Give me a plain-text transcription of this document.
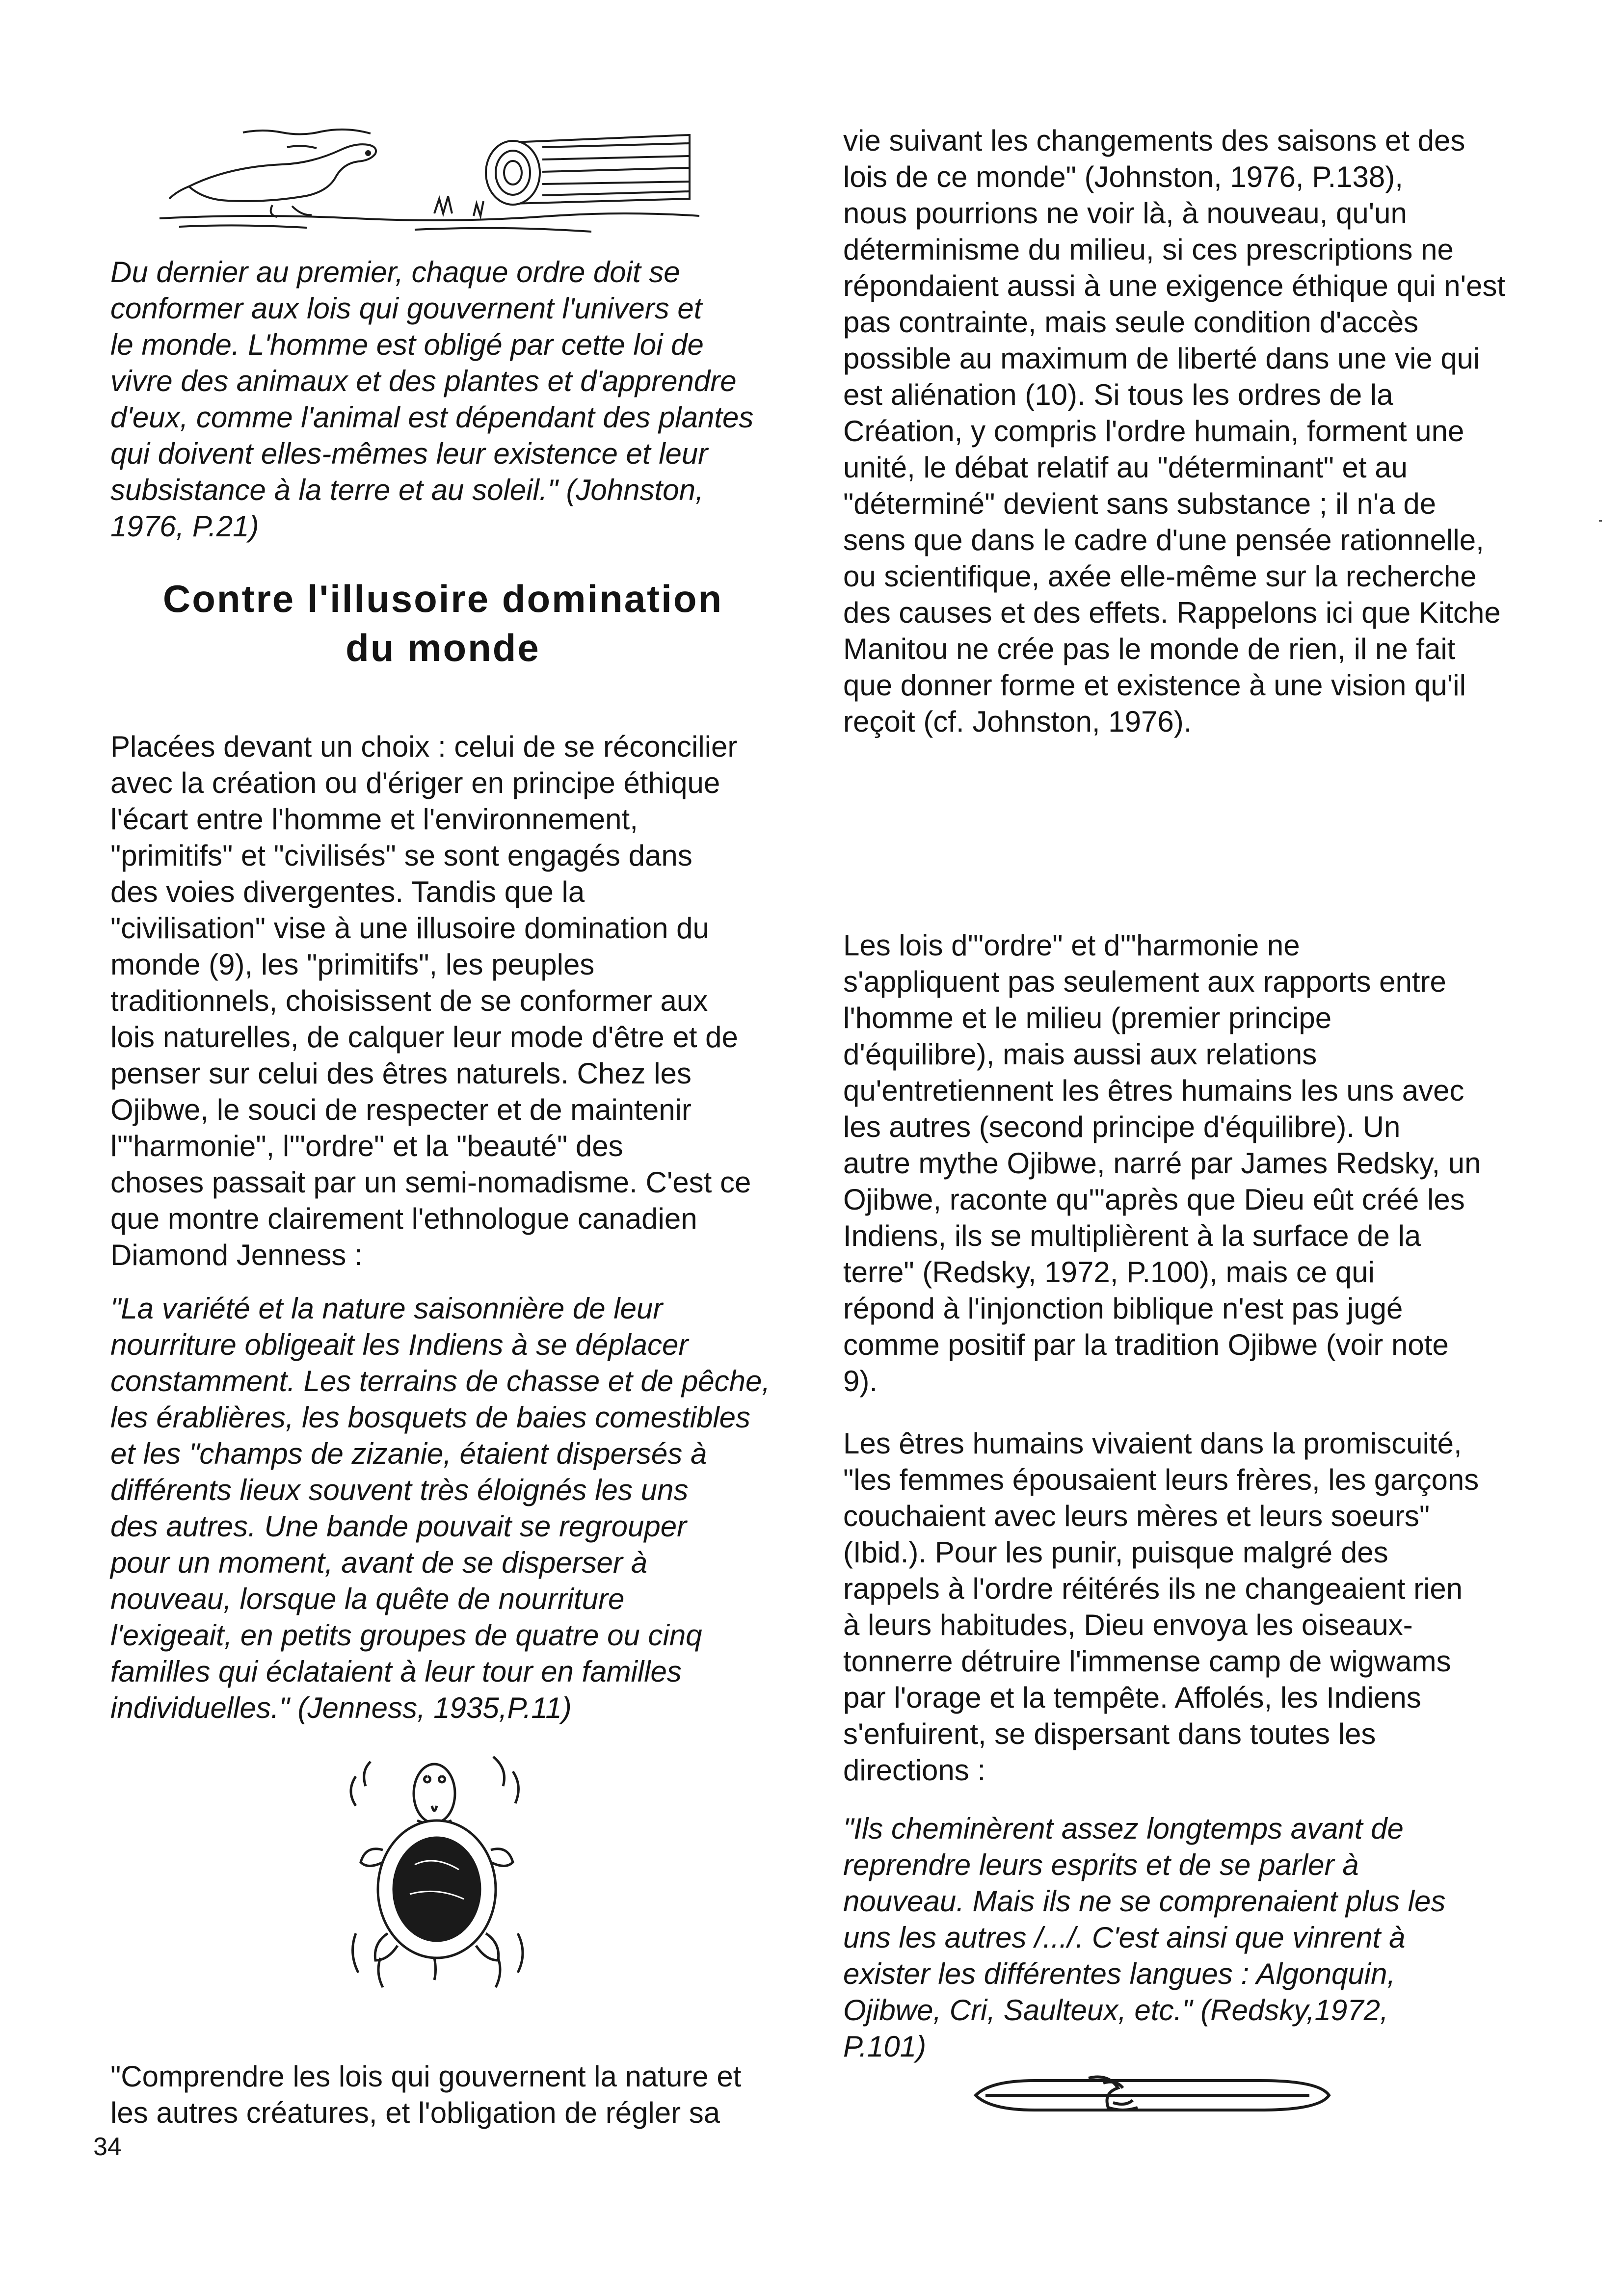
Du dernier au premier, chaque ordre doit se
conformer aux lois qui gouvernent l'univers et
le monde. L'homme est obligé par cette loi de
vivre des animaux et des plantes et d'apprendre
d'eux, comme l'animal est dépendant des plantes
qui doivent elles-mêmes leur existence et leur
subsistance à la terre et au soleil." (Johnston,
1976, P.21)

Contre l'illusoire domination
du monde

Placées devant un choix : celui de se réconcilier
avec la création ou d'ériger en principe éthique
l'écart entre l'homme et l'environnement,
"primitifs" et "civilisés" se sont engagés dans
des voies divergentes. Tandis que la
"civilisation" vise à une illusoire domination du
monde (9), les "primitifs", les peuples
traditionnels, choisissent de se conformer aux
lois naturelles, de calquer leur mode d'être et de
penser sur celui des êtres naturels. Chez les
Ojibwe, le souci de respecter et de maintenir
l'"harmonie", l'"ordre" et la "beauté" des
choses passait par un semi-nomadisme. C'est ce
que montre clairement l'ethnologue canadien
Diamond Jenness :

"La variété et la nature saisonnière de leur
nourriture obligeait les Indiens à se déplacer
constamment. Les terrains de chasse et de pêche,
les érablières, les bosquets de baies comestibles
et les "champs de zizanie, étaient dispersés à
différents lieux souvent très éloignés les uns
des autres. Une bande pouvait se regrouper
pour un moment, avant de se disperser à
nouveau, lorsque la quête de nourriture
l'exigeait, en petits groupes de quatre ou cinq
familles qui éclataient à leur tour en familles
individuelles." (Jenness, 1935,P.11)

"Comprendre les lois qui gouvernent la nature et
les autres créatures, et l'obligation de régler sa

vie suivant les changements des saisons et des
lois de ce monde" (Johnston, 1976, P.138),
nous pourrions ne voir là, à nouveau, qu'un
déterminisme du milieu, si ces prescriptions ne
répondaient aussi à une exigence éthique qui n'est
pas contrainte, mais seule condition d'accès
possible au maximum de liberté dans une vie qui
est aliénation (10). Si tous les ordres de la
Création, y compris l'ordre humain, forment une
unité, le débat relatif au "déterminant" et au
"déterminé" devient sans substance ; il n'a de
sens que dans le cadre d'une pensée rationnelle,
ou scientifique, axée elle-même sur la recherche
des causes et des effets. Rappelons ici que Kitche
Manitou ne crée pas le monde de rien, il ne fait
que donner forme et existence à une vision qu'il
reçoit (cf. Johnston, 1976).

Les lois d'"ordre" et d'"harmonie ne
s'appliquent pas seulement aux rapports entre
l'homme et le milieu (premier principe
d'équilibre), mais aussi aux relations
qu'entretiennent les êtres humains les uns avec
les autres (second principe d'équilibre). Un
autre mythe Ojibwe, narré par James Redsky, un
Ojibwe, raconte qu'"après que Dieu eût créé les
Indiens, ils se multiplièrent à la surface de la
terre" (Redsky, 1972, P.100), mais ce qui
répond à l'injonction biblique n'est pas jugé
comme positif par la tradition Ojibwe (voir note
9).

Les êtres humains vivaient dans la promiscuité,
"les femmes épousaient leurs frères, les garçons
couchaient avec leurs mères et leurs soeurs"
(Ibid.). Pour les punir, puisque malgré des
rappels à l'ordre réitérés ils ne changeaient rien
à leurs habitudes, Dieu envoya les oiseaux-
tonnerre détruire l'immense camp de wigwams
par l'orage et la tempête. Affolés, les Indiens
s'enfuirent, se dispersant dans toutes les
directions :

"Ils cheminèrent assez longtemps avant de
reprendre leurs esprits et de se parler à
nouveau. Mais ils ne se comprenaient plus les
uns les autres /.../. C'est ainsi que vinrent à
exister les différentes langues : Algonquin,
Ojibwe, Cri, Saulteux, etc." (Redsky,1972,
P.101)

34
